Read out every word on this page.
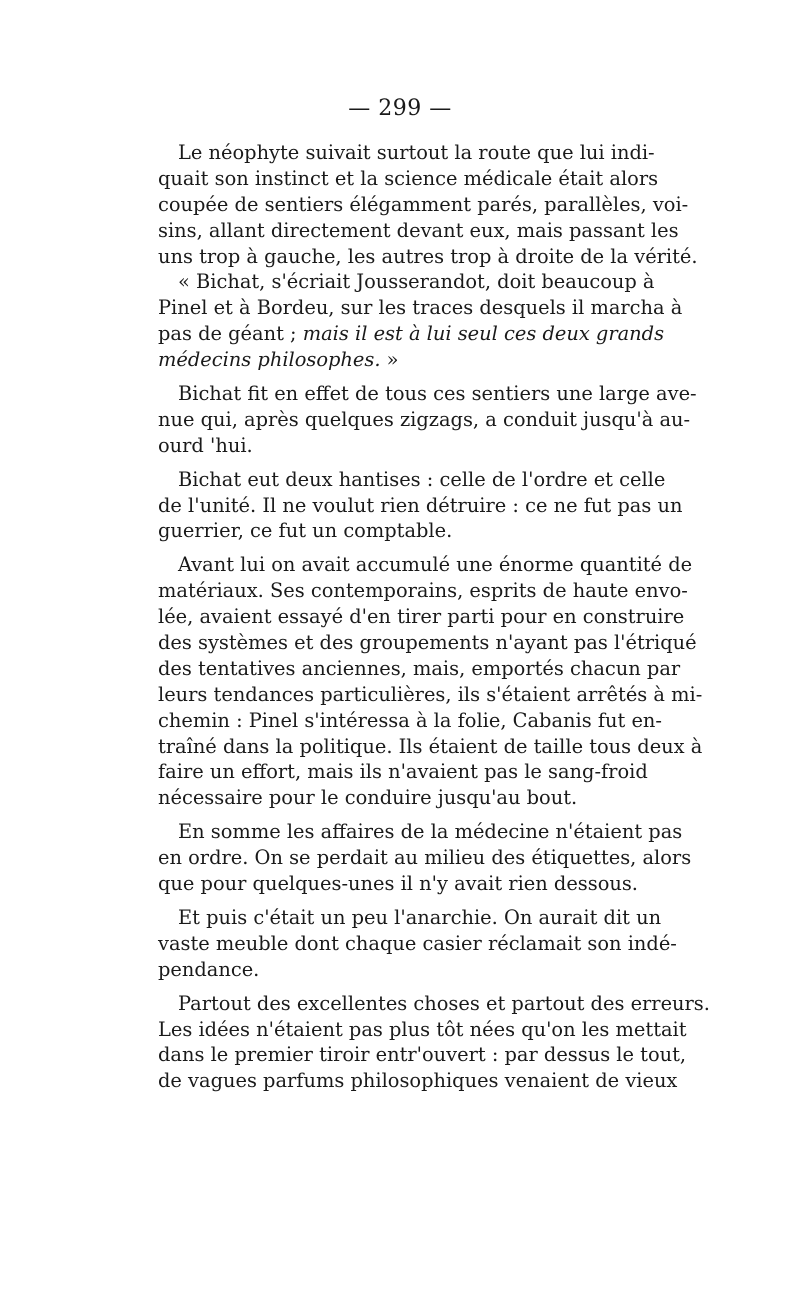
— 299 —
Le néophyte suivait surtout la route que lui indi-
quait son instinct et la science médicale était alors
coupée de sentiers élégamment parés, parallèles, voi-
sins, allant directement devant eux, mais passant les
uns trop à gauche, les autres trop à droite de la vérité.
« Bichat, s'écriait Jousserandot, doit beaucoup à
Pinel et à Bordeu, sur les traces desquels il marcha à
pas de géant ; mais il est à lui seul ces deux grands
médecins philosophes. »
Bichat fit en effet de tous ces sentiers une large ave-
nue qui, après quelques zigzags, a conduit jusqu'à au-
ourd 'hui.
Bichat eut deux hantises : celle de l'ordre et celle
de l'unité. Il ne voulut rien détruire : ce ne fut pas un
guerrier, ce fut un comptable.
Avant lui on avait accumulé une énorme quantité de
matériaux. Ses contemporains, esprits de haute envo-
lée, avaient essayé d'en tirer parti pour en construire
des systèmes et des groupements n'ayant pas l'étriqué
des tentatives anciennes, mais, emportés chacun par
leurs tendances particulières, ils s'étaient arrêtés à mi-
chemin : Pinel s'intéressa à la folie, Cabanis fut en-
traîné dans la politique. Ils étaient de taille tous deux à
faire un effort, mais ils n'avaient pas le sang-froid
nécessaire pour le conduire jusqu'au bout.
En somme les affaires de la médecine n'étaient pas
en ordre. On se perdait au milieu des étiquettes, alors
que pour quelques-unes il n'y avait rien dessous.
Et puis c'était un peu l'anarchie. On aurait dit un
vaste meuble dont chaque casier réclamait son indé-
pendance.
Partout des excellentes choses et partout des erreurs.
Les idées n'étaient pas plus tôt nées qu'on les mettait
dans le premier tiroir entr'ouvert : par dessus le tout,
de vagues parfums philosophiques venaient de vieux
